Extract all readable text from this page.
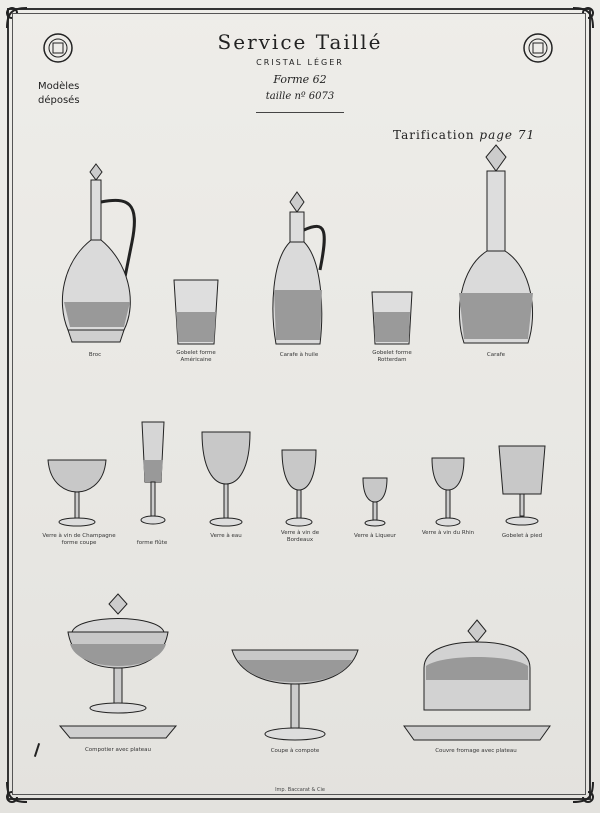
Service Taillé
CRISTAL LÉGER
Forme 62
taille nº 6073
Modèles déposés
Tarification page 71
Broc	Gobelet forme Américaine
Carafe à huile	Gobelet forme Rotterdam
Carafe
Verre à vin de Champagne forme coupe	forme flûte
Verre à eau	Verre à vin de Bordeaux
Verre à Liqueur	Verre à vin du Rhin	Gobelet à pied
Compotier avec plateau	Coupe à compote	Couvre fromage avec plateau
Imp. Baccarat & Cie
